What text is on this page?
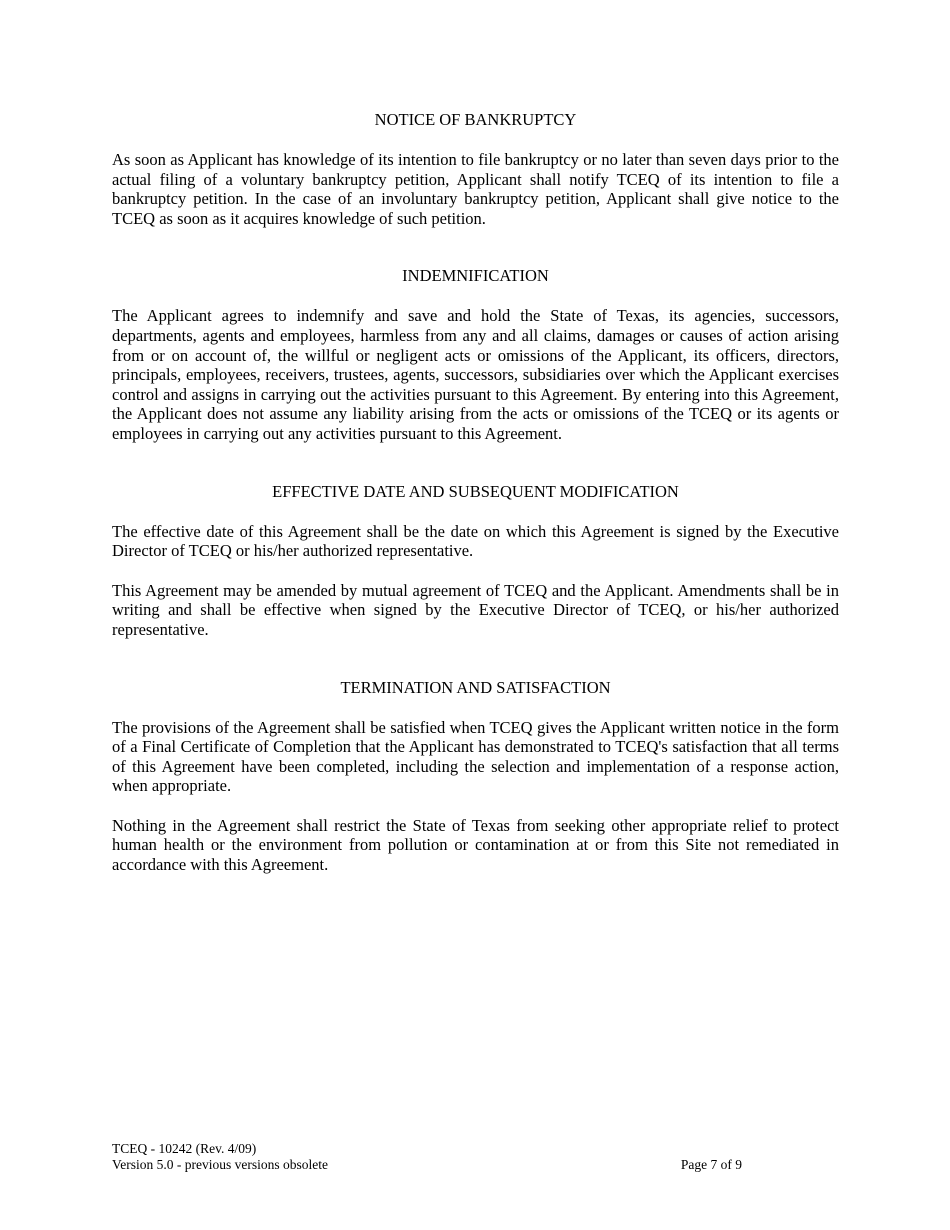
NOTICE OF BANKRUPTCY

As soon as Applicant has knowledge of its intention to file bankruptcy or no later than seven days prior to the actual filing of a voluntary bankruptcy petition, Applicant shall notify TCEQ of its intention to file a bankruptcy petition. In the case of an involuntary bankruptcy petition, Applicant shall give notice to the TCEQ as soon as it acquires knowledge of such petition.

INDEMNIFICATION

The Applicant agrees to indemnify and save and hold the State of Texas, its agencies, successors, departments, agents and employees, harmless from any and all claims, damages or causes of action arising from or on account of, the willful or negligent acts or omissions of the Applicant, its officers, directors, principals, employees, receivers, trustees, agents, successors, subsidiaries over which the Applicant exercises control and assigns in carrying out the activities pursuant to this Agreement. By entering into this Agreement, the Applicant does not assume any liability arising from the acts or omissions of the TCEQ or its agents or employees in carrying out any activities pursuant to this Agreement.

EFFECTIVE DATE AND SUBSEQUENT MODIFICATION

The effective date of this Agreement shall be the date on which this Agreement is signed by the Executive Director of TCEQ or his/her authorized representative.

This Agreement may be amended by mutual agreement of TCEQ and the Applicant. Amendments shall be in writing and shall be effective when signed by the Executive Director of TCEQ, or his/her authorized representative.

TERMINATION AND SATISFACTION

The provisions of the Agreement shall be satisfied when TCEQ gives the Applicant written notice in the form of a Final Certificate of Completion that the Applicant has demonstrated to TCEQ's satisfaction that all terms of this Agreement have been completed, including the selection and implementation of a response action, when appropriate.

Nothing in the Agreement shall restrict the State of Texas from seeking other appropriate relief to protect human health or the environment from pollution or contamination at or from this Site not remediated in accordance with this Agreement.

TCEQ - 10242 (Rev. 4/09)
Version 5.0 - previous versions obsolete	Page 7 of 9
